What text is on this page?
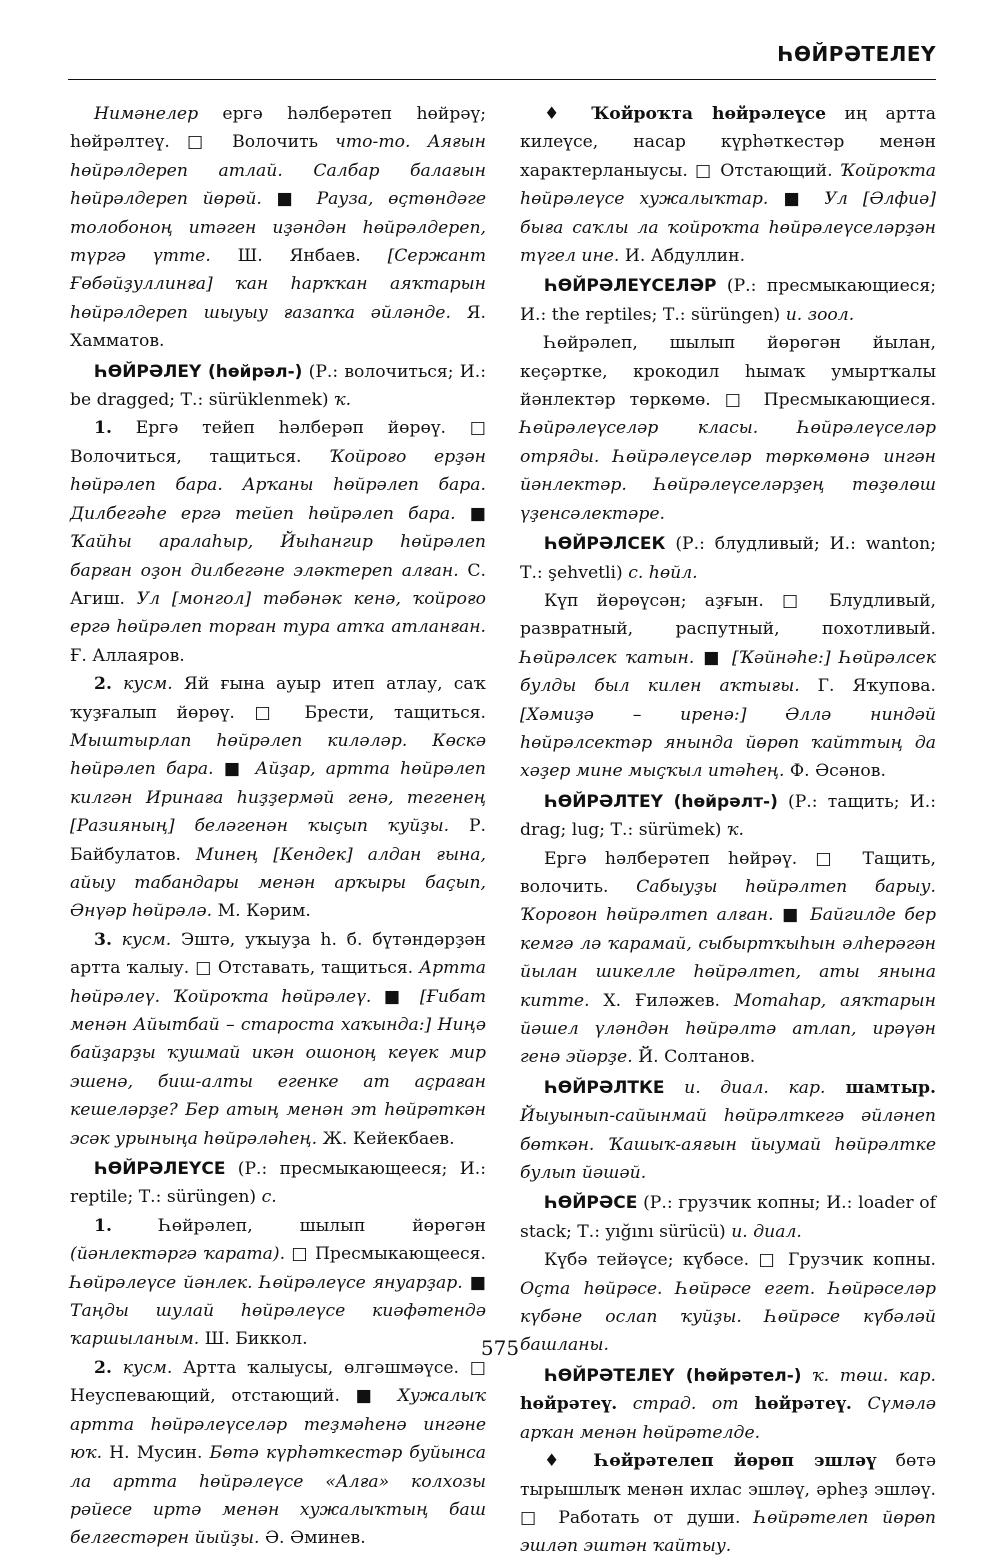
ҺӨЙРӘТЕЛЕҮ

Нимәнелер ергә һәлберәтеп һөйрәү; һөйрәлтеү. □ Волочить что-то. Аяғын һөйрәлдереп атлай. Салбар балағын һөйрәлдереп йөрөй. ■ Рауза, өҫтөндәге толобоноң итәген иҙәндән һөйрәлдереп, түргә үтте. Ш. Янбаев. [Сержант Ғөбәйҙуллинға] ҡан һарҡҡан аяҡтарын һөйрәлдереп шыуыу ғазапҡа әйләнде. Я. Хамматов.

ҺӨЙРӘЛЕҮ (һөйрәл-) (Р.: волочиться; И.: be dragged; Т.: sürüklenmek) ҡ.

1. Ергә тейеп һәлберәп йөрөү. □ Волочиться, тащиться. Ҡойроғо ерҙән һөйрәлеп бара. Арҡаны һөйрәлеп бара. Дилбегәһе ергә тейеп һөйрәлеп бара. ■ Ҡайһы аралаһыр, Йыһангир һөйрәлеп барған оҙон дилбегәне эләктереп алған. С. Агиш. Ул [монгол] тәбәнәк кенә, ҡойроғо ергә һөйрәлеп торған тура атҡа атланған. Ғ. Аллаяров.

2. кусм. Яй ғына ауыр итеп атлау, саҡ ҡуҙғалып йөрөү. □ Брести, тащиться. Мыштырлап һөйрәлеп киләләр. Көскә һөйрәлеп бара. ■ Айҙар, артта һөйрәлеп килгән Иринаға һиҙҙермәй генә, тегенең [Разияның] беләгенән ҡыҫып ҡуйҙы. Р. Байбулатов. Минең [Кендек] алдан ғына, айыу табандары менән арҡыры баҫып, Әнүәр һөйрәлә. М. Кәрим.

3. кусм. Эштә, уҡыуҙа һ. б. бүтәндәрҙән артта ҡалыу. □ Отставать, тащиться. Артта һөйрәлеү. Ҡойроҡта һөйрәлеү. ■ [Ғибат менән Айытбай – староста хаҡында:] Ниңә байҙарҙы ҡушмай икән ошоноң кеүек мир эшенә, биш-алты егенке ат аҫраған кешеләрҙе? Бер атың менән эт һөйрәткән эсәк урыныңа һөйрәләһең. Ж. Кейекбаев.

ҺӨЙРӘЛЕҮСЕ (Р.: пресмыкающееся; И.: reptile; Т.: sürüngen) с.

1. Һөйрәлеп, шылып йөрөгән (йәнлектәргә ҡарата). □ Пресмыкающееся. Һөйрәлеүсе йәнлек. Һөйрәлеүсе януарҙар. ■ Таңды шулай һөйрәлеүсе киәфәтендә ҡаршыланым. Ш. Биккол.

2. кусм. Артта ҡалыусы, өлгәшмәүсе. □ Неуспевающий, отстающий. ■ Хужалыҡ артта һөйрәлеүселәр теҙмәһенә ингәне юҡ. Н. Мусин. Бөтә күрһәткестәр буйынса ла артта һөйрәлеүсе «Алға» колхозы рәйесе иртә менән хужалыҡтың баш белгестәрен йыйҙы. Ә. Әминев.

♦ Ҡойроҡта һөйрәлеүсе иң артта килеүсе, насар күрһәткестәр менән характерланыусы. □ Отстающий. Ҡойроҡта һөйрәлеүсе хужалыҡтар. ■ Ул [Әлфиә] быға саҡлы ла ҡойроҡта һөйрәлеүселәрҙән түгел ине. И. Абдуллин.

ҺӨЙРӘЛЕҮСЕЛӘР (Р.: пресмыкающиеся; И.: the reptiles; Т.: sürüngen) и. зоол.

Һөйрәлеп, шылып йөрөгән йылан, кеҫәртке, крокодил һымаҡ умыртҡалы йәнлектәр төркөмө. □ Пресмыкающиеся. Һөйрәлеүселәр класы. Һөйрәлеүселәр отряды. Һөйрәлеүселәр төркөмөнә ингән йәнлектәр. Һөйрәлеүселәрҙең төҙөлөш үҙенсәлектәре.

ҺӨЙРӘЛСЕК (Р.: блудливый; И.: wanton; Т.: şehvetli) с. һөйл.

Күп йөрөүсән; аҙғын. □ Блудливый, развратный, распутный, похотливый. Һөйрәлсек ҡатын. ■ [Ҡәйнәһе:] Һөйрәлсек булды был килен аҡтығы. Г. Яҡупова. [Хәмиҙә – иренә:] Әллә ниндәй һөйрәлсектәр янында йөрөп ҡайттың да хәҙер мине мыҫҡыл итәһең. Ф. Әсәнов.

ҺӨЙРӘЛТЕҮ (һөйрәлт-) (Р.: тащить; И.: drag; lug; Т.: sürümek) ҡ.

Ергә һәлберәтеп һөйрәү. □ Тащить, волочить. Сабыуҙы һөйрәлтеп барыу. Ҡороғон һөйрәлтеп алған. ■ Байгилде бер кемгә лә ҡарамай, сыбыртҡыһын әлһерәгән йылан шикелле һөйрәлтеп, аты янына китте. Х. Ғиләжев. Мотаһар, аяҡтарын йәшел үләндән һөйрәлтә атлап, ирәүән генә эйәрҙе. Й. Солтанов.

ҺӨЙРӘЛТКЕ и. диал. кар. шамтыр. Йыуынып-сайынмай һөйрәлткегә әйләнеп бөткән. Ҡашыҡ-аяғын йыумай һөйрәлтке булып йәшәй.

ҺӨЙРӘСЕ (Р.: грузчик копны; И.: loader of stack; Т.: yığını sürücü) и. диал.

Күбә тейәүсе; күбәсе. □ Грузчик копны. Оҫта һөйрәсе. Һөйрәсе егет. Һөйрәселәр күбәне ослап ҡуйҙы. Һөйрәсе күбәләй башланы.

ҺӨЙРӘТЕЛЕҮ (һөйрәтел-) ҡ. төш. кар. һөйрәтеү. страд. от һөйрәтеү. Сүмәлә арҡан менән һөйрәтелде.

♦ Һөйрәтелеп йөрөп эшләү бөтә тырышлыҡ менән ихлас эшләү, әрһеҙ эшләү. □ Работать от души. Һөйрәтелеп йөрөп эшләп эштән ҡайтыу.

575
